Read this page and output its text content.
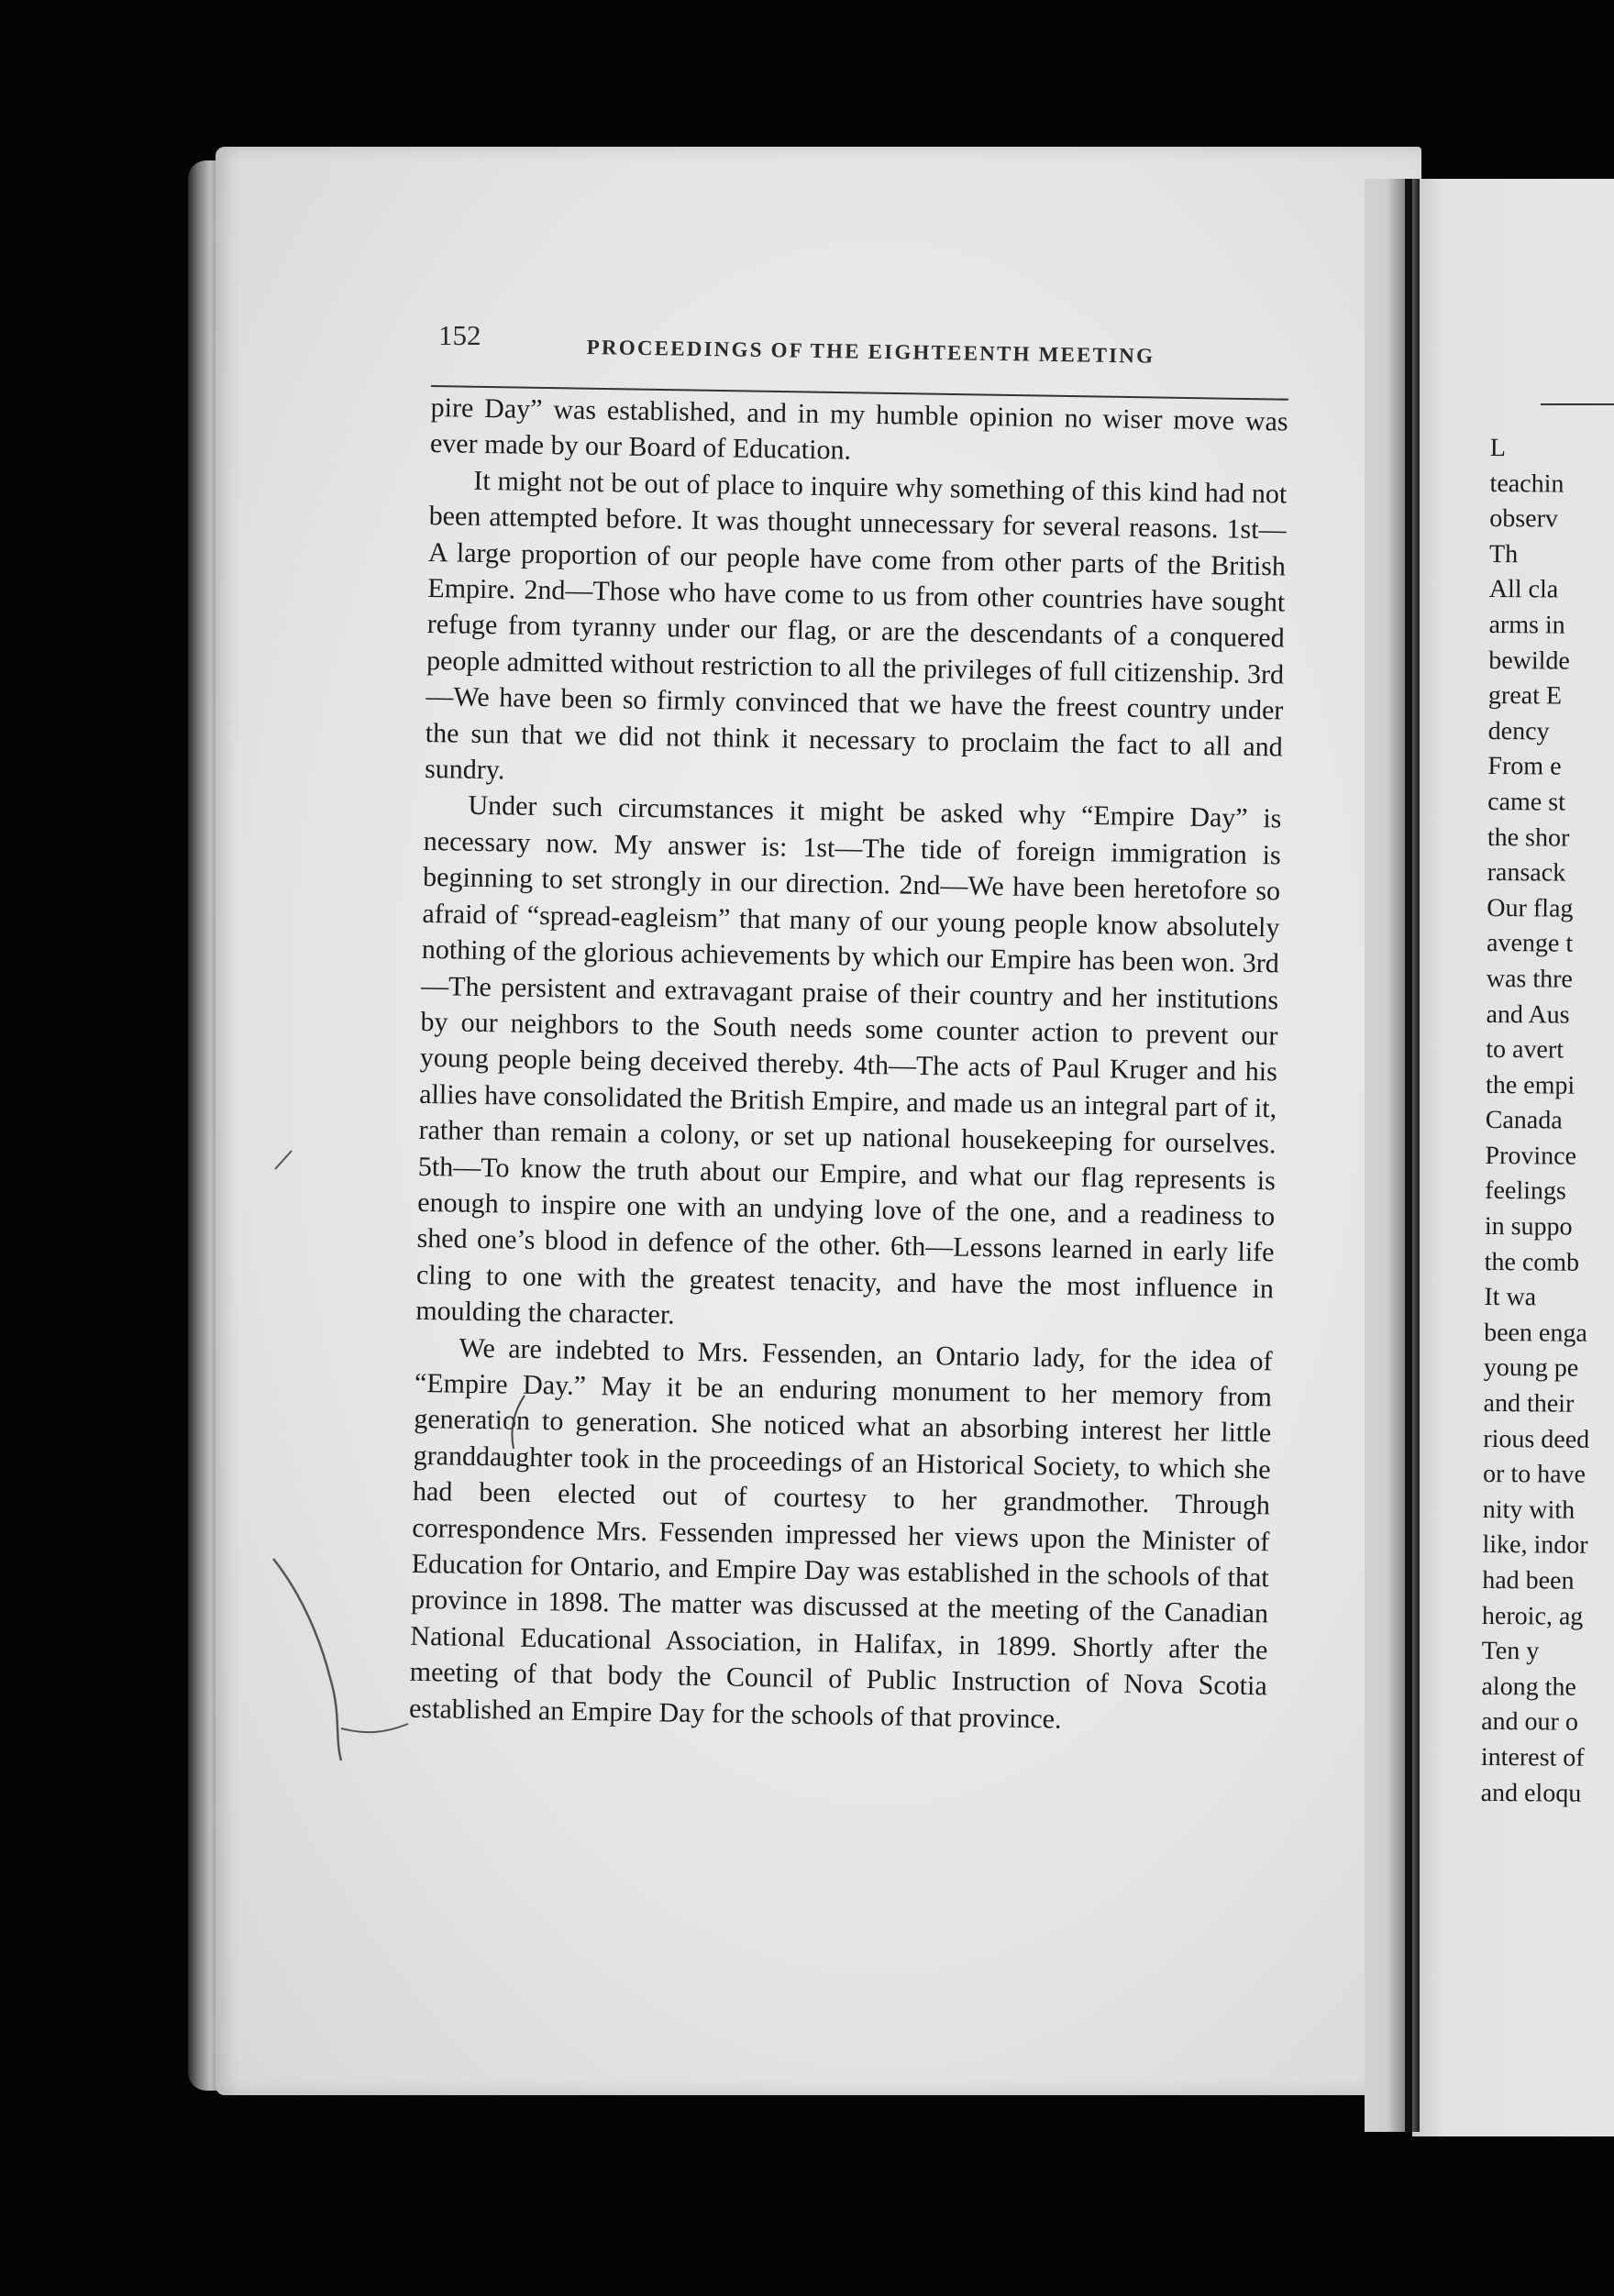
152
PROCEEDINGS OF THE EIGHTEENTH MEETING

pire Day” was established, and in my humble opinion no wiser move was ever made by our Board of Education.

It might not be out of place to inquire why something of this kind had not been attempted before. It was thought unnecessary for several reasons. 1st—A large proportion of our people have come from other parts of the British Empire. 2nd—Those who have come to us from other countries have sought refuge from tyranny under our flag, or are the descendants of a conquered people admitted without restriction to all the privileges of full citizenship. 3rd—We have been so firmly convinced that we have the freest country under the sun that we did not think it necessary to proclaim the fact to all and sundry.

Under such circumstances it might be asked why “Empire Day” is necessary now. My answer is: 1st—The tide of foreign immigration is beginning to set strongly in our direction. 2nd—We have been heretofore so afraid of “spread-eagleism” that many of our young people know absolutely nothing of the glorious achievements by which our Empire has been won. 3rd—The persistent and extravagant praise of their country and her institutions by our neighbors to the South needs some counter action to prevent our young people being deceived thereby. 4th—The acts of Paul Kruger and his allies have consolidated the British Empire, and made us an integral part of it, rather than remain a colony, or set up national housekeeping for ourselves. 5th—To know the truth about our Empire, and what our flag represents is enough to inspire one with an undying love of the one, and a readiness to shed one’s blood in defence of the other. 6th—Lessons learned in early life cling to one with the greatest tenacity, and have the most influence in moulding the character.

We are indebted to Mrs. Fessenden, an Ontario lady, for the idea of “Empire Day.” May it be an enduring monument to her memory from generation to generation. She noticed what an absorbing interest her little granddaughter took in the proceedings of an Historical Society, to which she had been elected out of courtesy to her grandmother. Through correspondence Mrs. Fessenden impressed her views upon the Minister of Education for Ontario, and Empire Day was established in the schools of that province in 1898. The matter was discussed at the meeting of the Canadian National Educational Association, in Halifax, in 1899. Shortly after the meeting of that body the Council of Public Instruction of Nova Scotia established an Empire Day for the schools of that province.

L
teachin
observ
Th
All cla
arms in
bewilde
great E
dency
From e
came st
the shor
ransack
Our flag
avenge t
was thre
and Aus
to avert
the empi
Canada
Province
feelings
in suppo
the comb
It wa
been enga
young pe
and their
rious deed
or to have
nity with
like, indor
had been
heroic, ag
Ten y
along the
and our o
interest of
and eloqu
